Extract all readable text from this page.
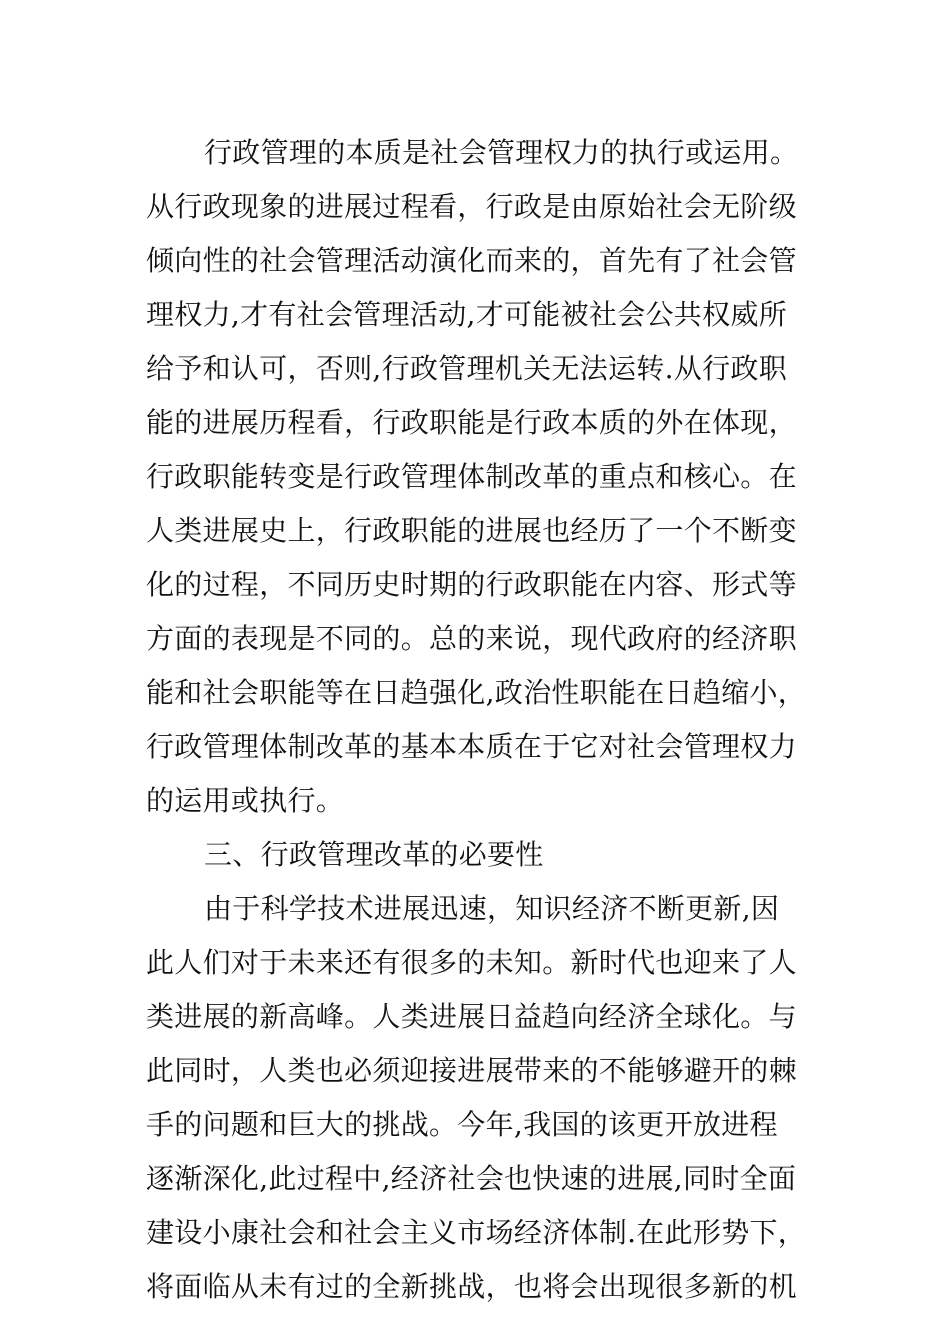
行政管理的本质是社会管理权力的执行或运用。
从行政现象的进展过程看，行政是由原始社会无阶级
倾向性的社会管理活动演化而来的，首先有了社会管
理权力,才有社会管理活动,才可能被社会公共权威所
给予和认可，否则,行政管理机关无法运转.从行政职
能的进展历程看，行政职能是行政本质的外在体现，
行政职能转变是行政管理体制改革的重点和核心。在
人类进展史上，行政职能的进展也经历了一个不断变
化的过程，不同历史时期的行政职能在内容、形式等
方面的表现是不同的。总的来说，现代政府的经济职
能和社会职能等在日趋强化,政治性职能在日趋缩小，
行政管理体制改革的基本本质在于它对社会管理权力
的运用或执行。
三、行政管理改革的必要性
由于科学技术进展迅速，知识经济不断更新,因
此人们对于未来还有很多的未知。新时代也迎来了人
类进展的新高峰。人类进展日益趋向经济全球化。与
此同时，人类也必须迎接进展带来的不能够避开的棘
手的问题和巨大的挑战。今年,我国的该更开放进程
逐渐深化,此过程中,经济社会也快速的进展,同时全面
建设小康社会和社会主义市场经济体制.在此形势下，
将面临从未有过的全新挑战，也将会出现很多新的机
